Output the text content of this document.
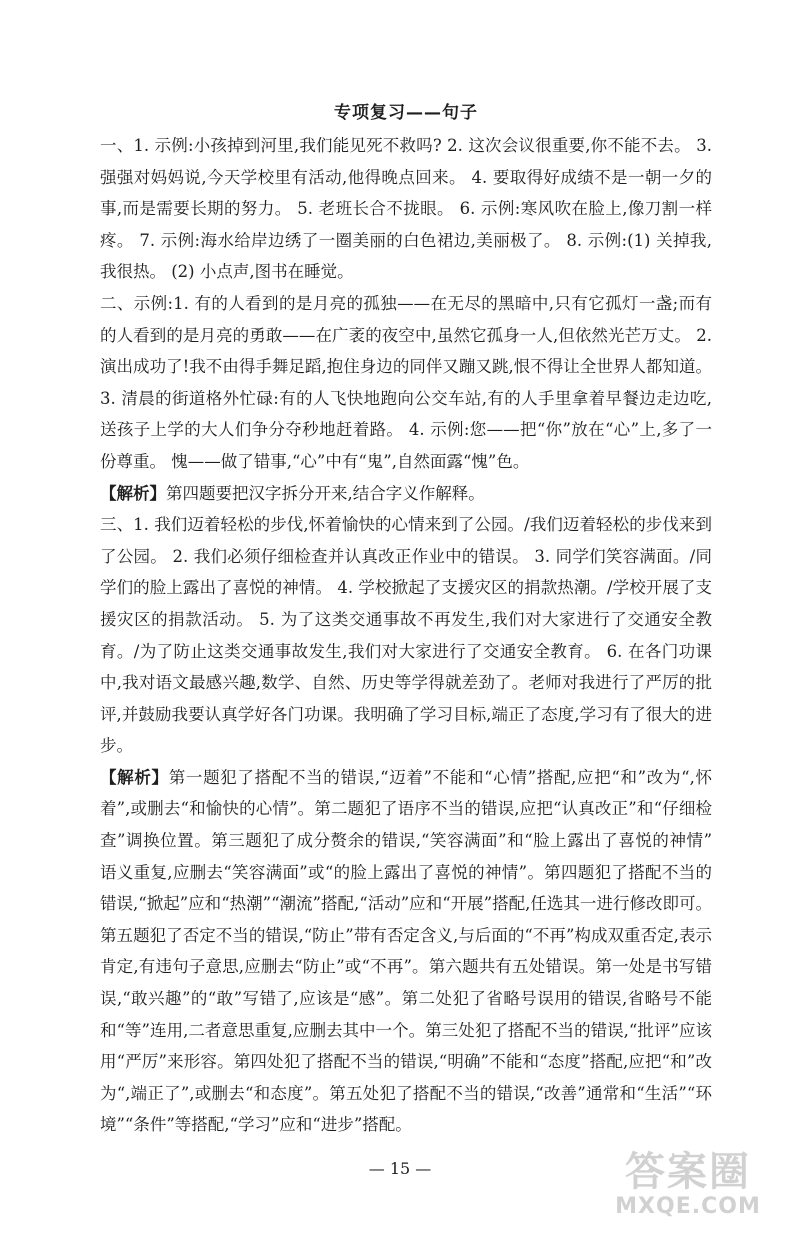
专项复习——句子

一、1. 示例:小孩掉到河里,我们能见死不救吗? 2. 这次会议很重要,你不能不去。 3. 强强对妈妈说,今天学校里有活动,他得晚点回来。 4. 要取得好成绩不是一朝一夕的事,而是需要长期的努力。 5. 老班长合不拢眼。 6. 示例:寒风吹在脸上,像刀割一样疼。 7. 示例:海水给岸边绣了一圈美丽的白色裙边,美丽极了。 8. 示例:(1) 关掉我,我很热。 (2) 小点声,图书在睡觉。

二、示例:1. 有的人看到的是月亮的孤独——在无尽的黑暗中,只有它孤灯一盏;而有的人看到的是月亮的勇敢——在广袤的夜空中,虽然它孤身一人,但依然光芒万丈。 2. 演出成功了!我不由得手舞足蹈,抱住身边的同伴又蹦又跳,恨不得让全世界人都知道。 3. 清晨的街道格外忙碌:有的人飞快地跑向公交车站,有的人手里拿着早餐边走边吃,送孩子上学的大人们争分夺秒地赶着路。 4. 示例:您——把“你”放在“心”上,多了一份尊重。 愧——做了错事,“心”中有“鬼”,自然面露“愧”色。

【解析】第四题要把汉字拆分开来,结合字义作解释。

三、1. 我们迈着轻松的步伐,怀着愉快的心情来到了公园。/我们迈着轻松的步伐来到了公园。 2. 我们必须仔细检查并认真改正作业中的错误。 3. 同学们笑容满面。/同学们的脸上露出了喜悦的神情。 4. 学校掀起了支援灾区的捐款热潮。/学校开展了支援灾区的捐款活动。 5. 为了这类交通事故不再发生,我们对大家进行了交通安全教育。/为了防止这类交通事故发生,我们对大家进行了交通安全教育。 6. 在各门功课中,我对语文最感兴趣,数学、自然、历史等学得就差劲了。老师对我进行了严厉的批评,并鼓励我要认真学好各门功课。我明确了学习目标,端正了态度,学习有了很大的进步。

【解析】第一题犯了搭配不当的错误,“迈着”不能和“心情”搭配,应把“和”改为“,怀着”,或删去“和愉快的心情”。第二题犯了语序不当的错误,应把“认真改正”和“仔细检查”调换位置。第三题犯了成分赘余的错误,“笑容满面”和“脸上露出了喜悦的神情” 语义重复,应删去“笑容满面”或“的脸上露出了喜悦的神情”。第四题犯了搭配不当的错误,“掀起”应和“热潮”“潮流”搭配,“活动”应和“开展”搭配,任选其一进行修改即可。第五题犯了否定不当的错误,“防止”带有否定含义,与后面的“不再”构成双重否定,表示肯定,有违句子意思,应删去“防止”或“不再”。第六题共有五处错误。第一处是书写错误,“敢兴趣”的“敢”写错了,应该是“感”。第二处犯了省略号误用的错误,省略号不能和“等”连用,二者意思重复,应删去其中一个。第三处犯了搭配不当的错误,“批评”应该用“严厉”来形容。第四处犯了搭配不当的错误,“明确”不能和“态度”搭配,应把“和”改为“,端正了”,或删去“和态度”。第五处犯了搭配不当的错误,“改善”通常和“生活”“环境”“条件”等搭配,“学习”应和“进步”搭配。

— 15 —	答案圈
MXQE.COM
